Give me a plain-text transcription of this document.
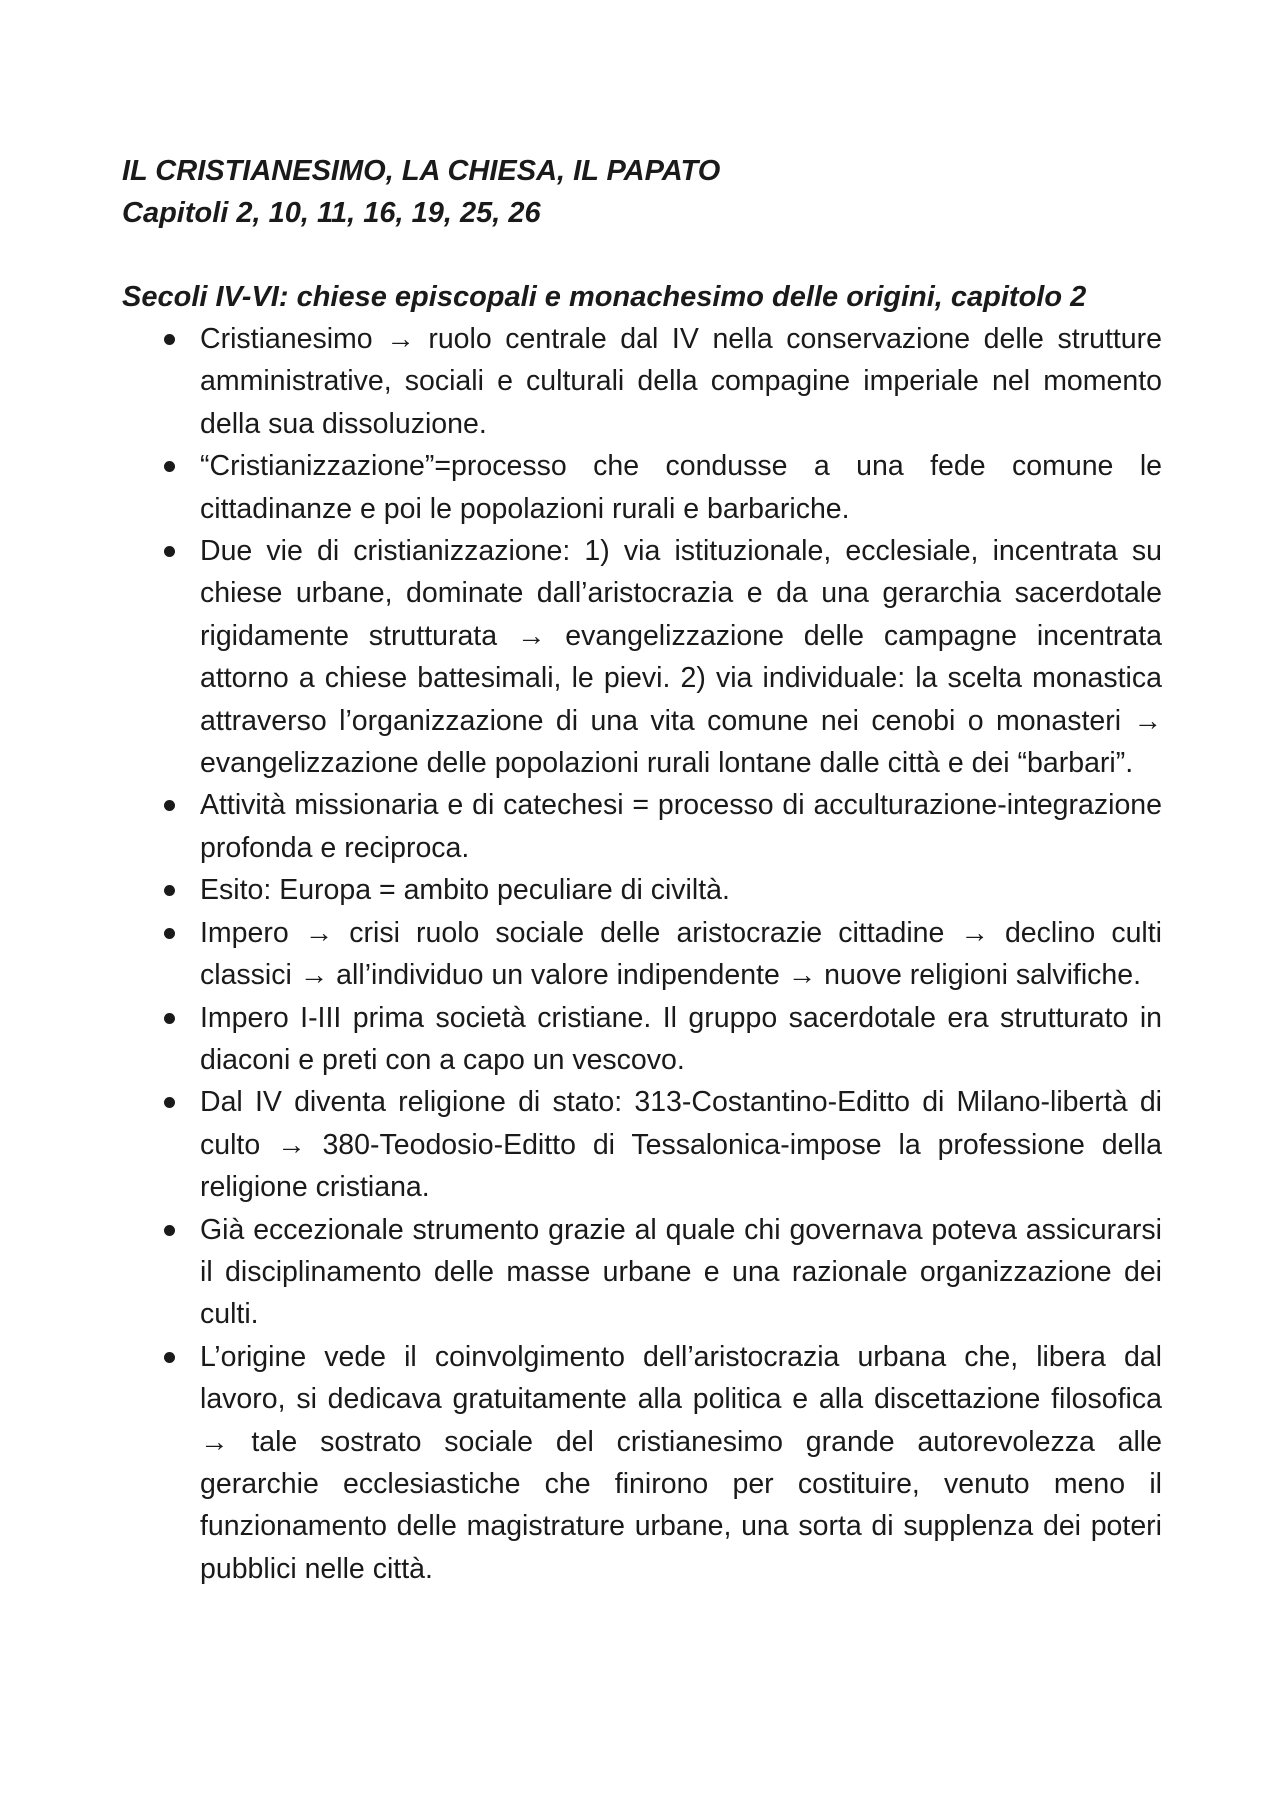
IL CRISTIANESIMO, LA CHIESA, IL PAPATO

Capitoli 2, 10, 11, 16, 19, 25, 26

Secoli IV-VI: chiese episcopali e monachesimo delle origini, capitolo 2

Cristianesimo → ruolo centrale dal IV nella conservazione delle strutture amministrative, sociali e culturali della compagine imperiale nel momento della sua dissoluzione.
“Cristianizzazione”=processo che condusse a una fede comune le cittadinanze e poi le popolazioni rurali e barbariche.
Due vie di cristianizzazione: 1) via istituzionale, ecclesiale, incentrata su chiese urbane, dominate dall’aristocrazia e da una gerarchia sacerdotale rigidamente strutturata → evangelizzazione delle campagne incentrata attorno a chiese battesimali, le pievi. 2) via individuale: la scelta monastica attraverso l’organizzazione di una vita comune nei cenobi o monasteri → evangelizzazione delle popolazioni rurali lontane dalle città e dei “barbari”.
Attività missionaria e di catechesi = processo di acculturazione-integrazione profonda e reciproca.
Esito: Europa = ambito peculiare di civiltà.
Impero → crisi ruolo sociale delle aristocrazie cittadine → declino culti classici → all’individuo un valore indipendente → nuove religioni salvifiche.
Impero I-III prima società cristiane. Il gruppo sacerdotale era strutturato in diaconi e preti con a capo un vescovo.
Dal IV diventa religione di stato: 313-Costantino-Editto di Milano-libertà di culto → 380-Teodosio-Editto di Tessalonica-impose la professione della religione cristiana.
Già eccezionale strumento grazie al quale chi governava poteva assicurarsi il disciplinamento delle masse urbane e una razionale organizzazione dei culti.
L’origine vede il coinvolgimento dell’aristocrazia urbana che, libera dal lavoro, si dedicava gratuitamente alla politica e alla discettazione filosofica → tale sostrato sociale del cristianesimo grande autorevolezza alle gerarchie ecclesiastiche che finirono per costituire, venuto meno il funzionamento delle magistrature urbane, una sorta di supplenza dei poteri pubblici nelle città.
